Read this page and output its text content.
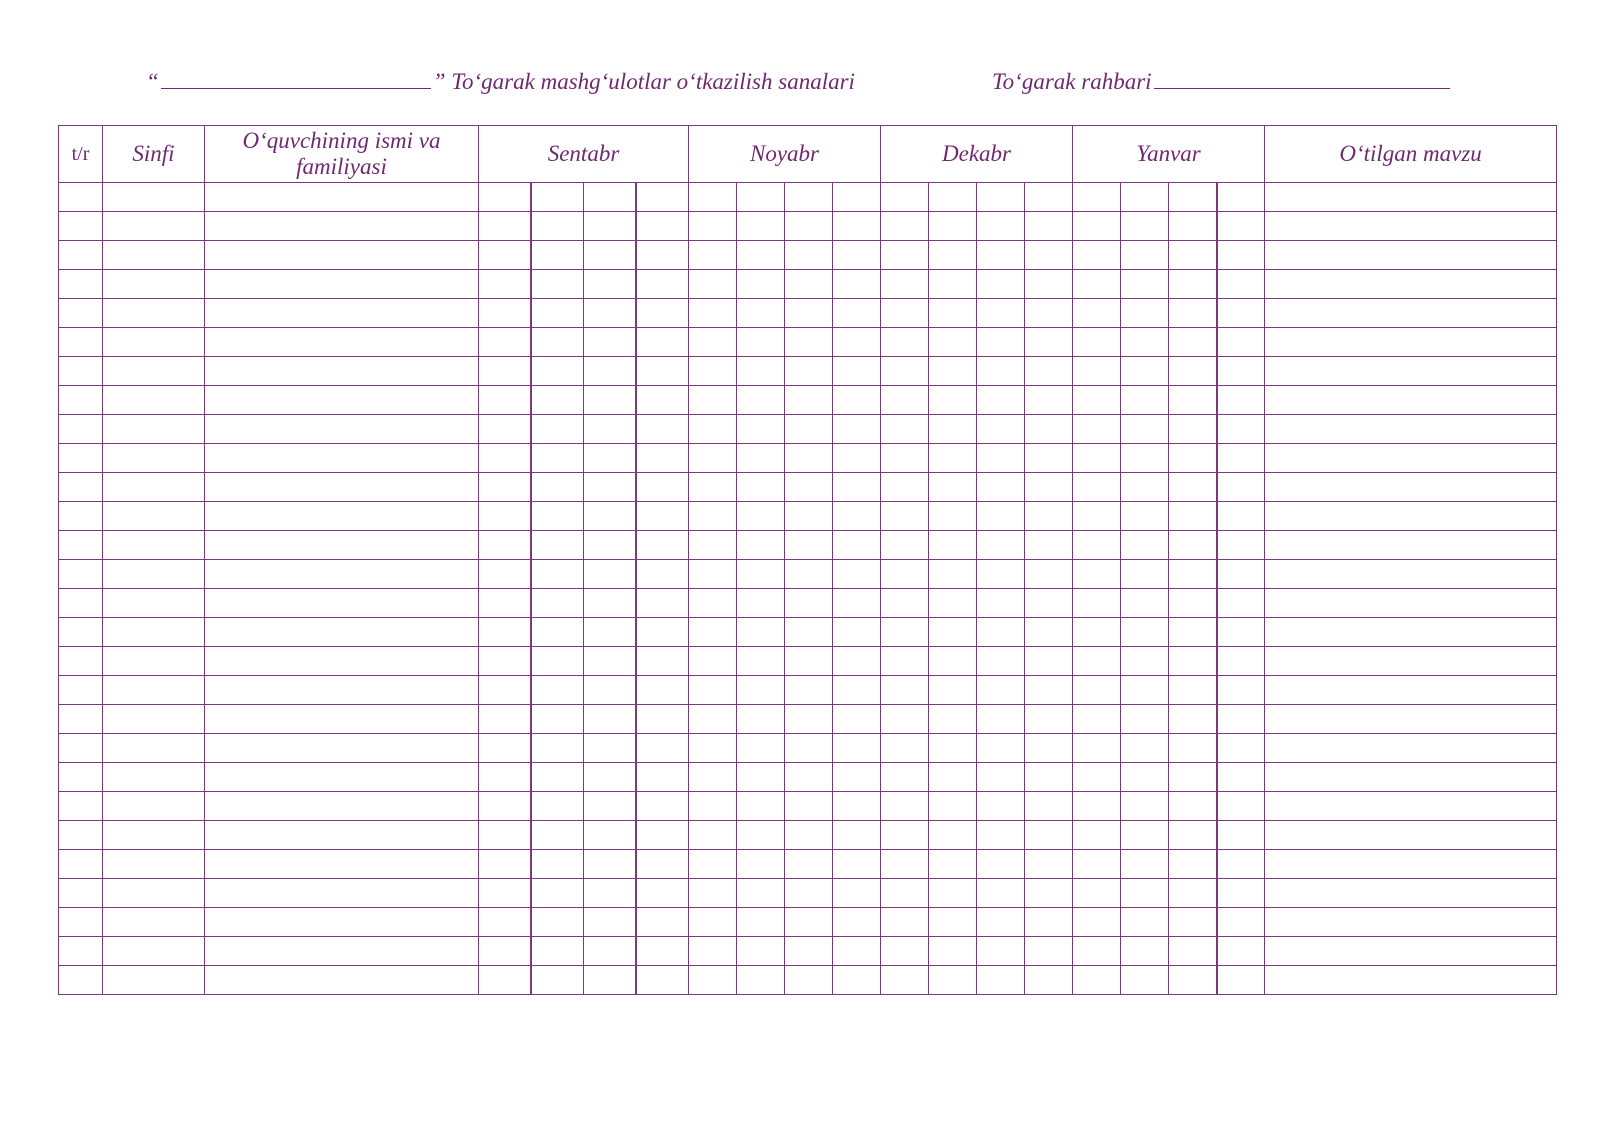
“	” To‘garak mashg‘ulotlar o‘tkazilish sanalari	To‘garak rahbari
t/r	Sinfi	O‘quvchining ismi va familiyasi	Sentabr				Noyabr				Dekabr				Yanvar				O‘tilgan mavzu
